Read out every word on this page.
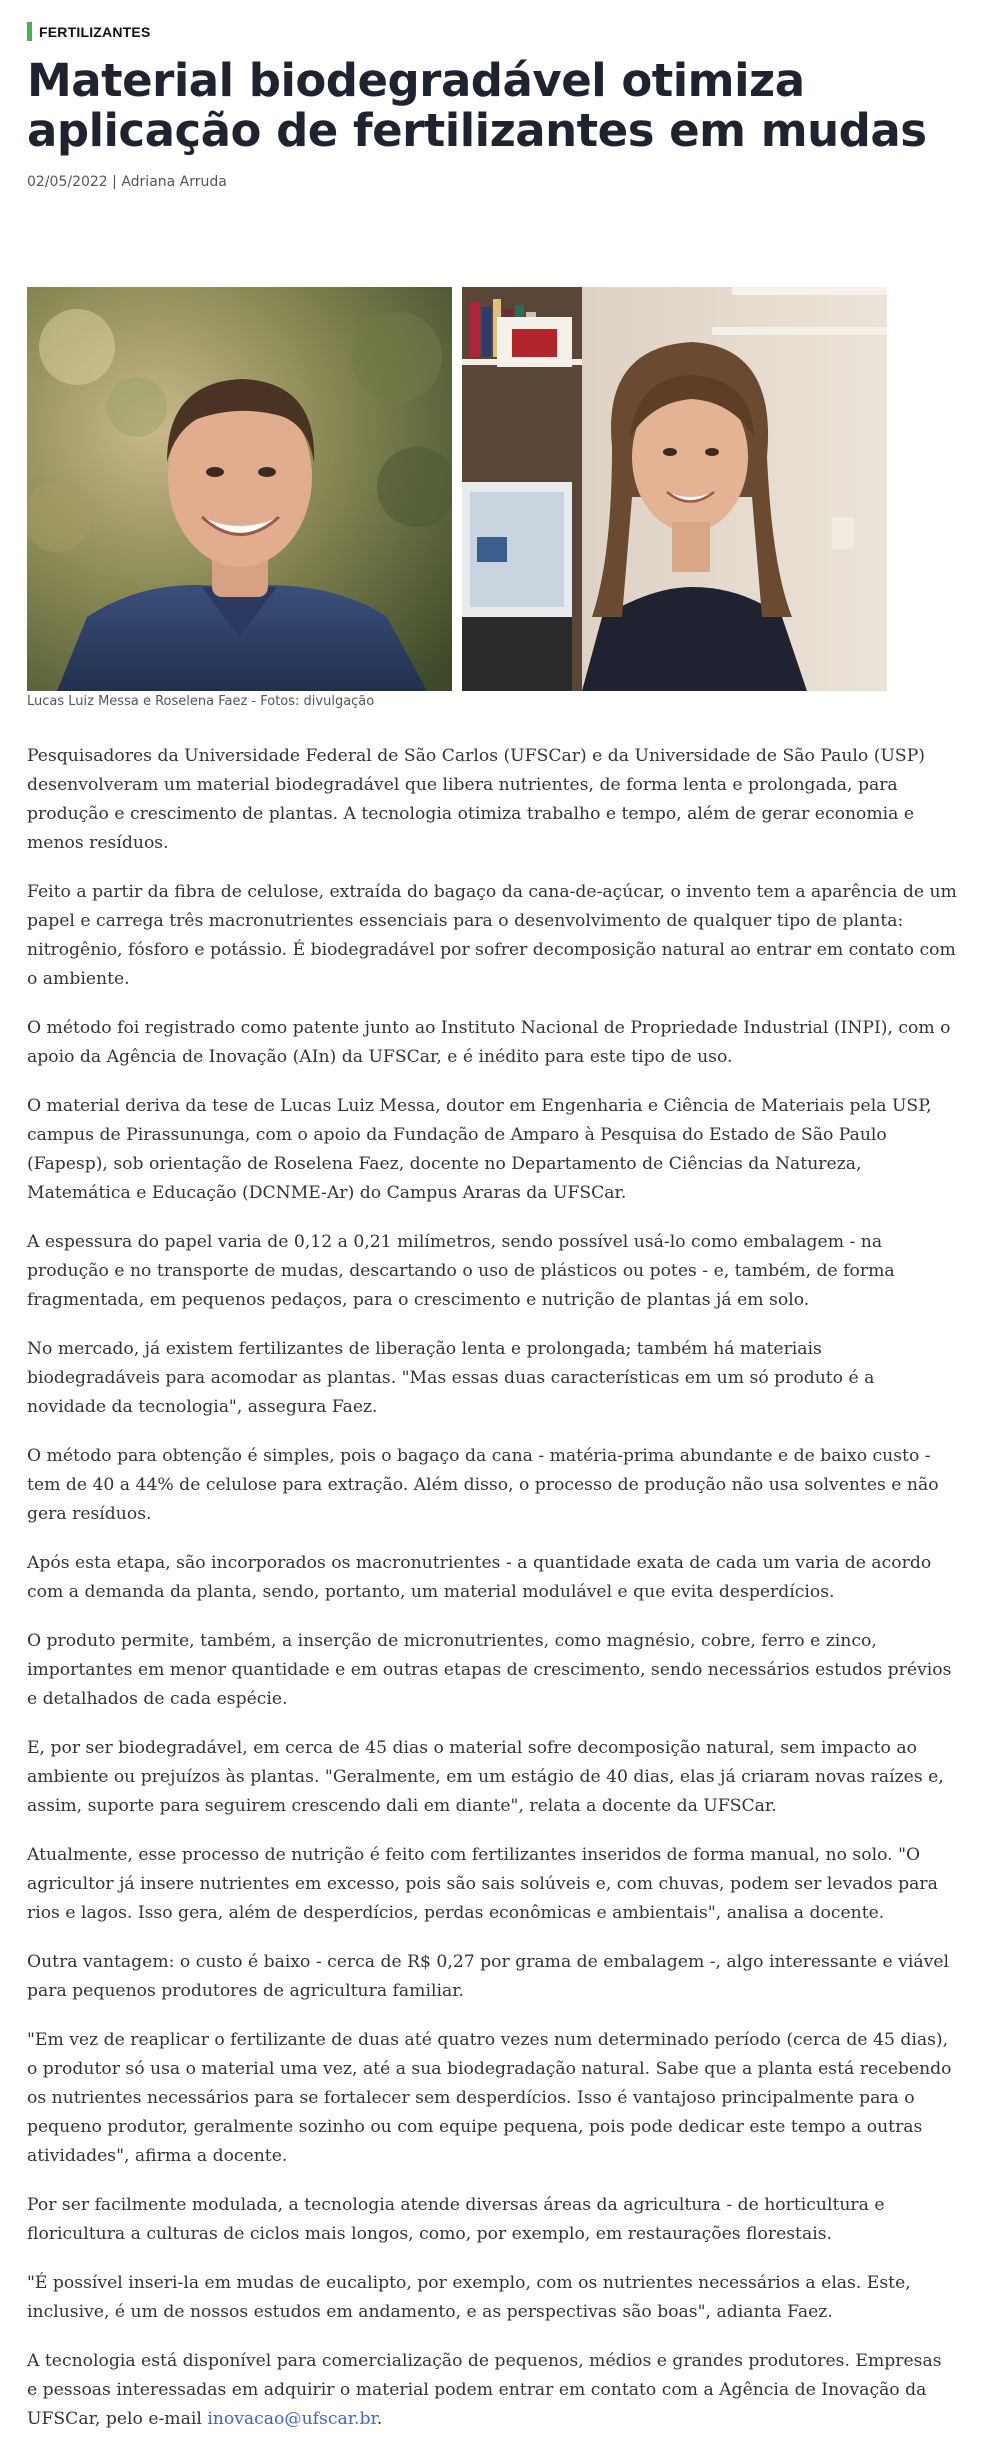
FERTILIZANTES
Material biodegradável otimiza aplicação de fertilizantes em mudas
02/05/2022 | Adriana Arruda
Lucas Luiz Messa e Roselena Faez - Fotos: divulgação

Pesquisadores da Universidade Federal de São Carlos (UFSCar) e da Universidade de São Paulo (USP) desenvolveram um material biodegradável que libera nutrientes, de forma lenta e prolongada, para produção e crescimento de plantas. A tecnologia otimiza trabalho e tempo, além de gerar economia e menos resíduos.

Feito a partir da fibra de celulose, extraída do bagaço da cana-de-açúcar, o invento tem a aparência de um papel e carrega três macronutrientes essenciais para o desenvolvimento de qualquer tipo de planta: nitrogênio, fósforo e potássio. É biodegradável por sofrer decomposição natural ao entrar em contato com o ambiente.

O método foi registrado como patente junto ao Instituto Nacional de Propriedade Industrial (INPI), com o apoio da Agência de Inovação (AIn) da UFSCar, e é inédito para este tipo de uso.

O material deriva da tese de Lucas Luiz Messa, doutor em Engenharia e Ciência de Materiais pela USP, campus de Pirassununga, com o apoio da Fundação de Amparo à Pesquisa do Estado de São Paulo (Fapesp), sob orientação de Roselena Faez, docente no Departamento de Ciências da Natureza, Matemática e Educação (DCNME-Ar) do Campus Araras da UFSCar.

A espessura do papel varia de 0,12 a 0,21 milímetros, sendo possível usá-lo como embalagem - na produção e no transporte de mudas, descartando o uso de plásticos ou potes - e, também, de forma fragmentada, em pequenos pedaços, para o crescimento e nutrição de plantas já em solo.

No mercado, já existem fertilizantes de liberação lenta e prolongada; também há materiais biodegradáveis para acomodar as plantas. "Mas essas duas características em um só produto é a novidade da tecnologia", assegura Faez.

O método para obtenção é simples, pois o bagaço da cana - matéria-prima abundante e de baixo custo - tem de 40 a 44% de celulose para extração. Além disso, o processo de produção não usa solventes e não gera resíduos.

Após esta etapa, são incorporados os macronutrientes - a quantidade exata de cada um varia de acordo com a demanda da planta, sendo, portanto, um material modulável e que evita desperdícios.

O produto permite, também, a inserção de micronutrientes, como magnésio, cobre, ferro e zinco, importantes em menor quantidade e em outras etapas de crescimento, sendo necessários estudos prévios e detalhados de cada espécie.

E, por ser biodegradável, em cerca de 45 dias o material sofre decomposição natural, sem impacto ao ambiente ou prejuízos às plantas. "Geralmente, em um estágio de 40 dias, elas já criaram novas raízes e, assim, suporte para seguirem crescendo dali em diante", relata a docente da UFSCar.

Atualmente, esse processo de nutrição é feito com fertilizantes inseridos de forma manual, no solo. "O agricultor já insere nutrientes em excesso, pois são sais solúveis e, com chuvas, podem ser levados para rios e lagos. Isso gera, além de desperdícios, perdas econômicas e ambientais", analisa a docente.

Outra vantagem: o custo é baixo - cerca de R$ 0,27 por grama de embalagem -, algo interessante e viável para pequenos produtores de agricultura familiar.

"Em vez de reaplicar o fertilizante de duas até quatro vezes num determinado período (cerca de 45 dias), o produtor só usa o material uma vez, até a sua biodegradação natural. Sabe que a planta está recebendo os nutrientes necessários para se fortalecer sem desperdícios. Isso é vantajoso principalmente para o pequeno produtor, geralmente sozinho ou com equipe pequena, pois pode dedicar este tempo a outras atividades", afirma a docente.

Por ser facilmente modulada, a tecnologia atende diversas áreas da agricultura - de horticultura e floricultura a culturas de ciclos mais longos, como, por exemplo, em restaurações florestais.

"É possível inseri-la em mudas de eucalipto, por exemplo, com os nutrientes necessários a elas. Este, inclusive, é um de nossos estudos em andamento, e as perspectivas são boas", adianta Faez.

A tecnologia está disponível para comercialização de pequenos, médios e grandes produtores. Empresas e pessoas interessadas em adquirir o material podem entrar em contato com a Agência de Inovação da UFSCar, pelo e-mail inovacao@ufscar.br.
